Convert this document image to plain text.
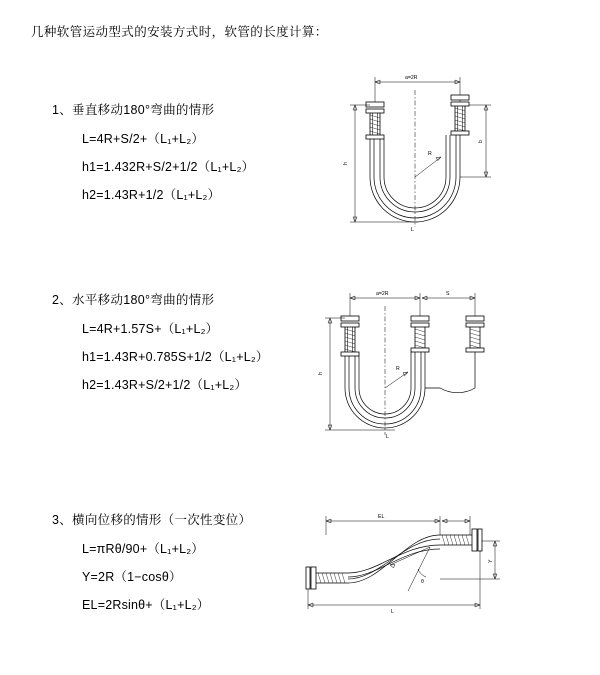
几种软管运动型式的安装方式时，软管的长度计算：
1、垂直移动180°弯曲的情形
L=4R+S/2+（L₁+L₂）
h1=1.432R+S/2+1/2（L₁+L₂）
h2=1.43R+1/2（L₁+L₂）
a=2R
R
h
b
L
2、水平移动180°弯曲的情形
L=4R+1.57S+（L₁+L₂）
h1=1.43R+0.785S+1/2（L₁+L₂）
h2=1.43R+S/2+1/2（L₁+L₂）
a=2R	S
R
h
L
3、横向位移的情形（一次性变位）
L=πRθ/90+（L₁+L₂）
Y=2R（1−cosθ）
EL=2Rsinθ+（L₁+L₂）
EL
θ
Y
L
